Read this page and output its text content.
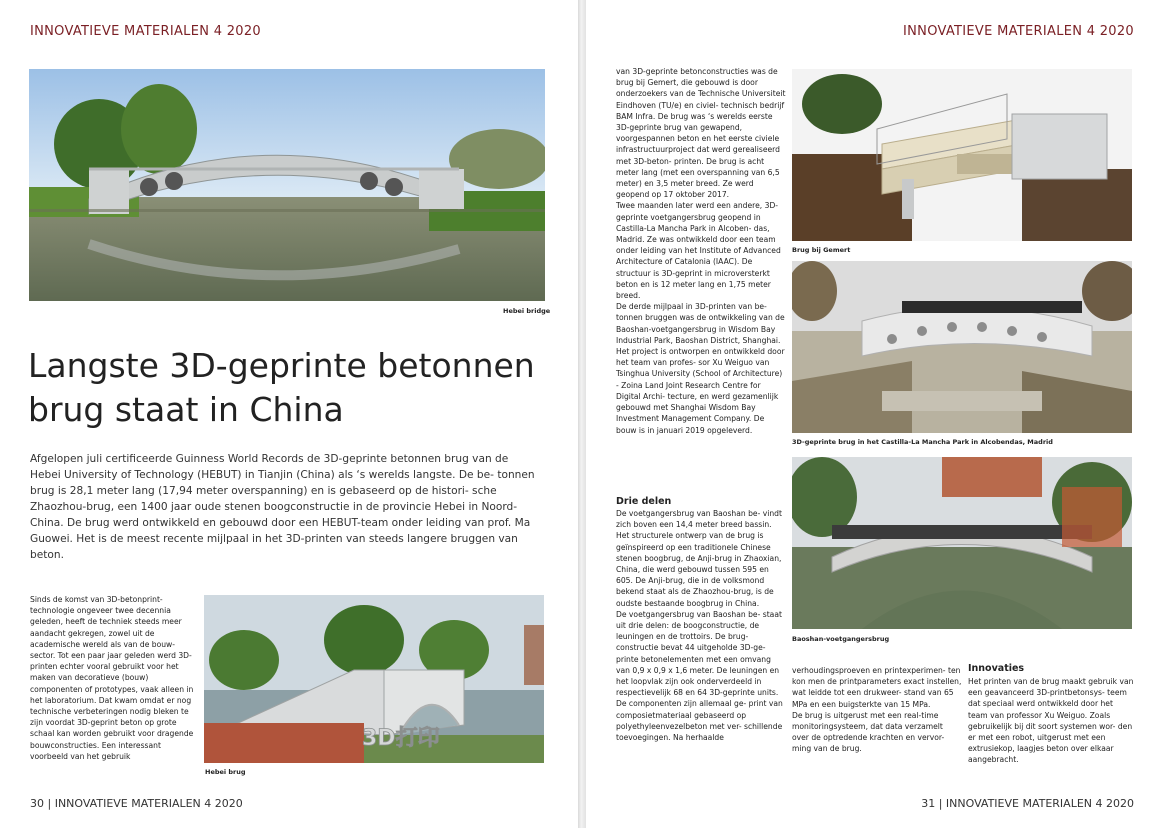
INNOVATIEVE MATERIALEN 4 2020
Hebei bridge
Langste 3D-geprinte betonnen brug staat in China

Afgelopen juli certificeerde Guinness World Records de 3D-geprinte betonnen brug van de Hebei University of Technology (HEBUT) in Tianjin (China) als ‘s werelds langste. De be- tonnen brug is 28,1 meter lang (17,94 meter overspanning) en is gebaseerd op de histori- sche Zhaozhou-brug, een 1400 jaar oude stenen boogconstructie in de provincie Hebei in Noord-China. De brug werd ontwikkeld en gebouwd door een HEBUT-team onder leiding van prof. Ma Guowei. Het is de meest recente mijlpaal in het 3D-printen van steeds langere bruggen van beton.

Sinds de komst van 3D-betonprint- technologie ongeveer twee decennia geleden, heeft de techniek steeds meer aandacht gekregen, zowel uit de academische wereld als van de bouw- sector. Tot een paar jaar geleden werd 3D-printen echter vooral gebruikt voor het maken van decoratieve (bouw) componenten of prototypes, vaak alleen in het laboratorium. Dat kwam omdat er nog technische verbeteringen nodig bleken te zijn voordat 3D-geprint beton op grote schaal kan worden gebruikt voor dragende bouwconstructies. Een interessant voorbeeld van het gebruik

3D打印
Hebei brug
30 | INNOVATIEVE MATERIALEN 4 2020
INNOVATIEVE MATERIALEN 4 2020

van 3D-geprinte betonconstructies was de brug bij Gemert, die gebouwd is door onderzoekers van de Technische Universiteit Eindhoven (TU/e) en civiel- technisch bedrijf BAM Infra. De brug was ‘s werelds eerste 3D-geprinte brug van gewapend, voorgespannen beton en het eerste civiele infrastructuurproject dat werd gerealiseerd met 3D-beton- printen. De brug is acht meter lang (met een overspanning van 6,5 meter) en 3,5 meter breed. Ze werd geopend op 17 oktober 2017.

Twee maanden later werd een andere, 3D-geprinte voetgangersbrug geopend in Castilla-La Mancha Park in Alcoben- das, Madrid. Ze was ontwikkeld door een team onder leiding van het Institute of Advanced Architecture of Catalonia (IAAC). De structuur is 3D-geprint in microversterkt beton en is 12 meter lang en 1,75 meter breed.

De derde mijlpaal in 3D-printen van be- tonnen bruggen was de ontwikkeling van de Baoshan-voetgangersbrug in Wisdom Bay Industrial Park, Baoshan District, Shanghai. Het project is ontworpen en ontwikkeld door het team van profes- sor Xu Weiguo van Tsinghua University (School of Architecture) - Zoina Land Joint Research Centre for Digital Archi- tecture, en werd gezamenlijk gebouwd met Shanghai Wisdom Bay Investment Management Company. De bouw is in januari 2019 opgeleverd.

Drie delen

De voetgangersbrug van Baoshan be- vindt zich boven een 14,4 meter breed bassin. Het structurele ontwerp van de brug is geïnspireerd op een traditionele Chinese stenen boogbrug, de Anji-brug in Zhaoxian, China, die werd gebouwd tussen 595 en 605. De Anji-brug, die in de volksmond bekend staat als de Zhaozhou-brug, is de oudste bestaande boogbrug in China.

De voetgangersbrug van Baoshan be- staat uit drie delen: de boogconstructie, de leuningen en de trottoirs. De brug- constructie bevat 44 uitgeholde 3D-ge- printe betonelementen met een omvang van 0,9 x 0,9 x 1,6 meter. De leuningen en het loopvlak zijn ook onderverdeeld in respectievelijk 68 en 64 3D-geprinte units. De componenten zijn allemaal ge- print van composietmateriaal gebaseerd op polyethyleenvezelbeton met ver- schillende toevoegingen. Na herhaalde

Brug bij Gemert
3D-geprinte brug in het Castilla-La Mancha Park in Alcobendas, Madrid
Baoshan-voetgangersbrug

verhoudingsproeven en printexperimen- ten kon men de printparameters exact instellen, wat leidde tot een drukweer- stand van 65 MPa en een buigsterkte van 15 MPa.

De brug is uitgerust met een real-time monitoringsysteem, dat data verzamelt over de optredende krachten en vervor- ming van de brug.

Innovaties

Het printen van de brug maakt gebruik van een geavanceerd 3D-printbetonsys- teem dat speciaal werd ontwikkeld door het team van professor Xu Weiguo. Zoals gebruikelijk bij dit soort systemen wor- den er met een robot, uitgerust met een extrusiekop, laagjes beton over elkaar aangebracht.

31 | INNOVATIEVE MATERIALEN 4 2020
